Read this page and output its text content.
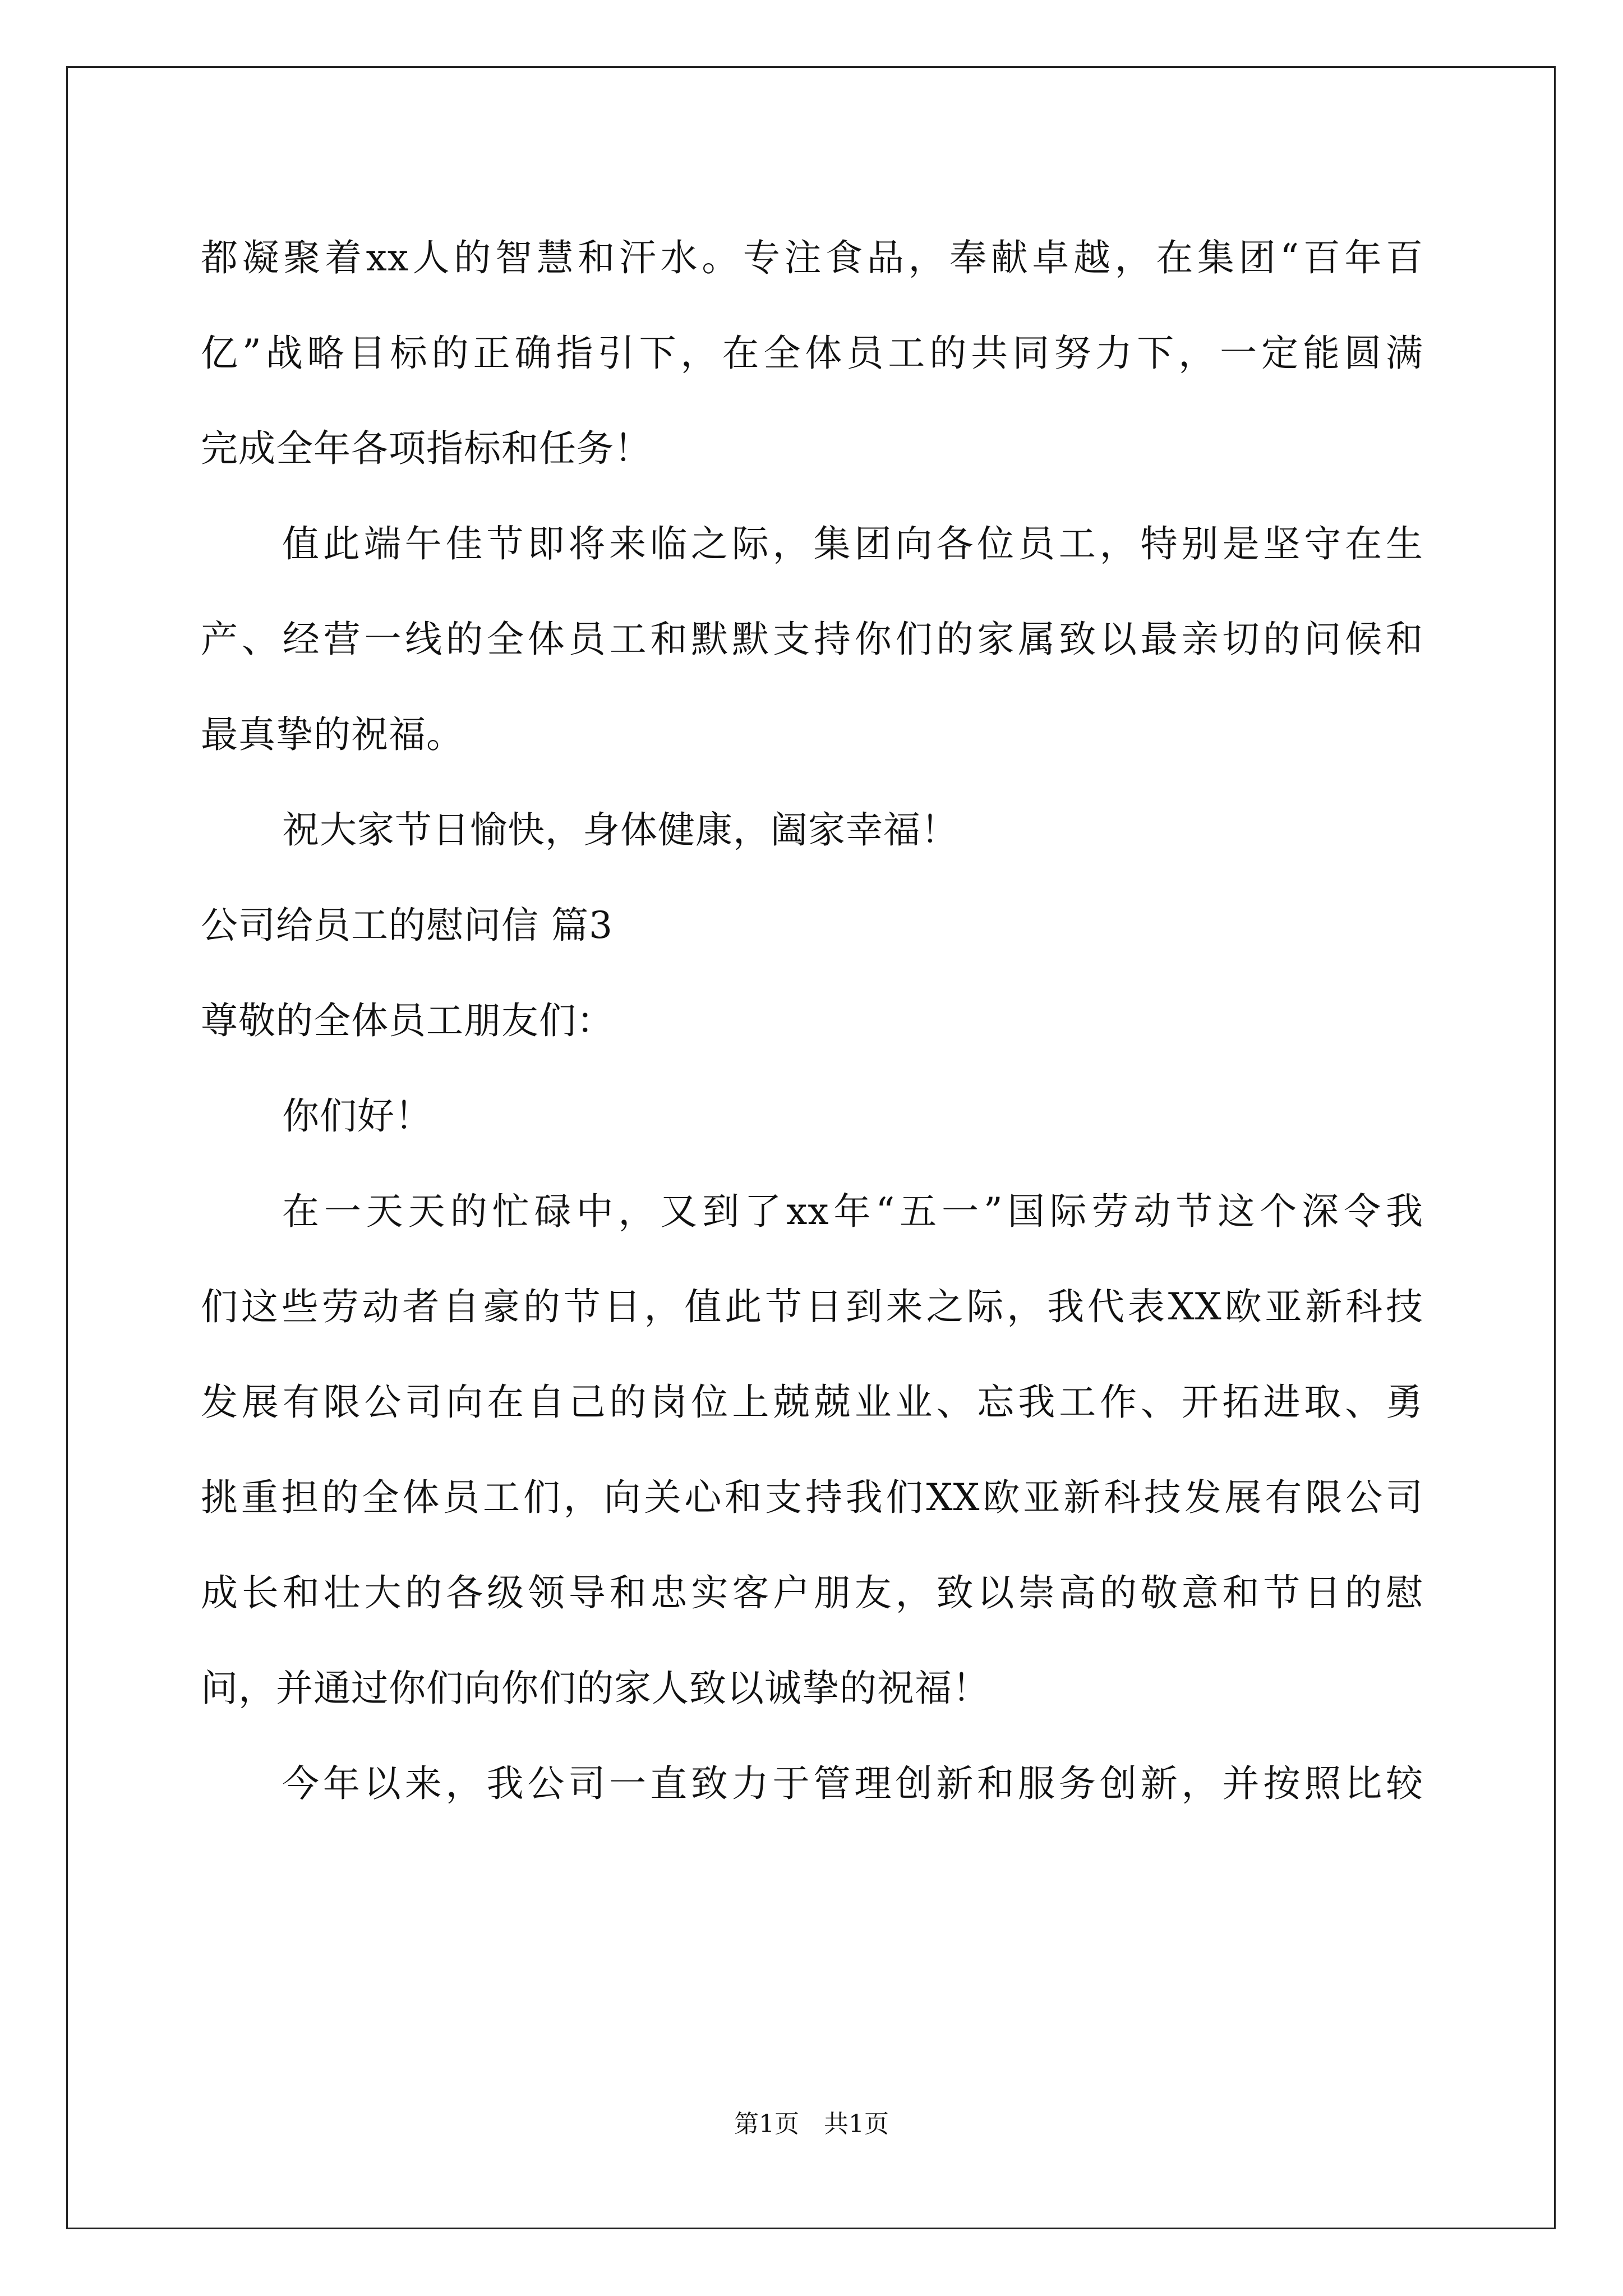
都凝聚着xx人的智慧和汗水。专注食品，奉献卓越，在集团“百年百
亿”战略目标的正确指引下，在全体员工的共同努力下，一定能圆满
完成全年各项指标和任务！
值此端午佳节即将来临之际，集团向各位员工，特别是坚守在生
产、经营一线的全体员工和默默支持你们的家属致以最亲切的问候和
最真挚的祝福。
祝大家节日愉快，身体健康，阖家幸福！
公司给员工的慰问信 篇3
尊敬的全体员工朋友们：
你们好！
在一天天的忙碌中，又到了xx年“五一”国际劳动节这个深令我
们这些劳动者自豪的节日，值此节日到来之际，我代表XX欧亚新科技
发展有限公司向在自己的岗位上兢兢业业、忘我工作、开拓进取、勇
挑重担的全体员工们，向关心和支持我们XX欧亚新科技发展有限公司
成长和壮大的各级领导和忠实客户朋友，致以崇高的敬意和节日的慰
问，并通过你们向你们的家人致以诚挚的祝福！
今年以来，我公司一直致力于管理创新和服务创新，并按照比较
第1页　共1页
